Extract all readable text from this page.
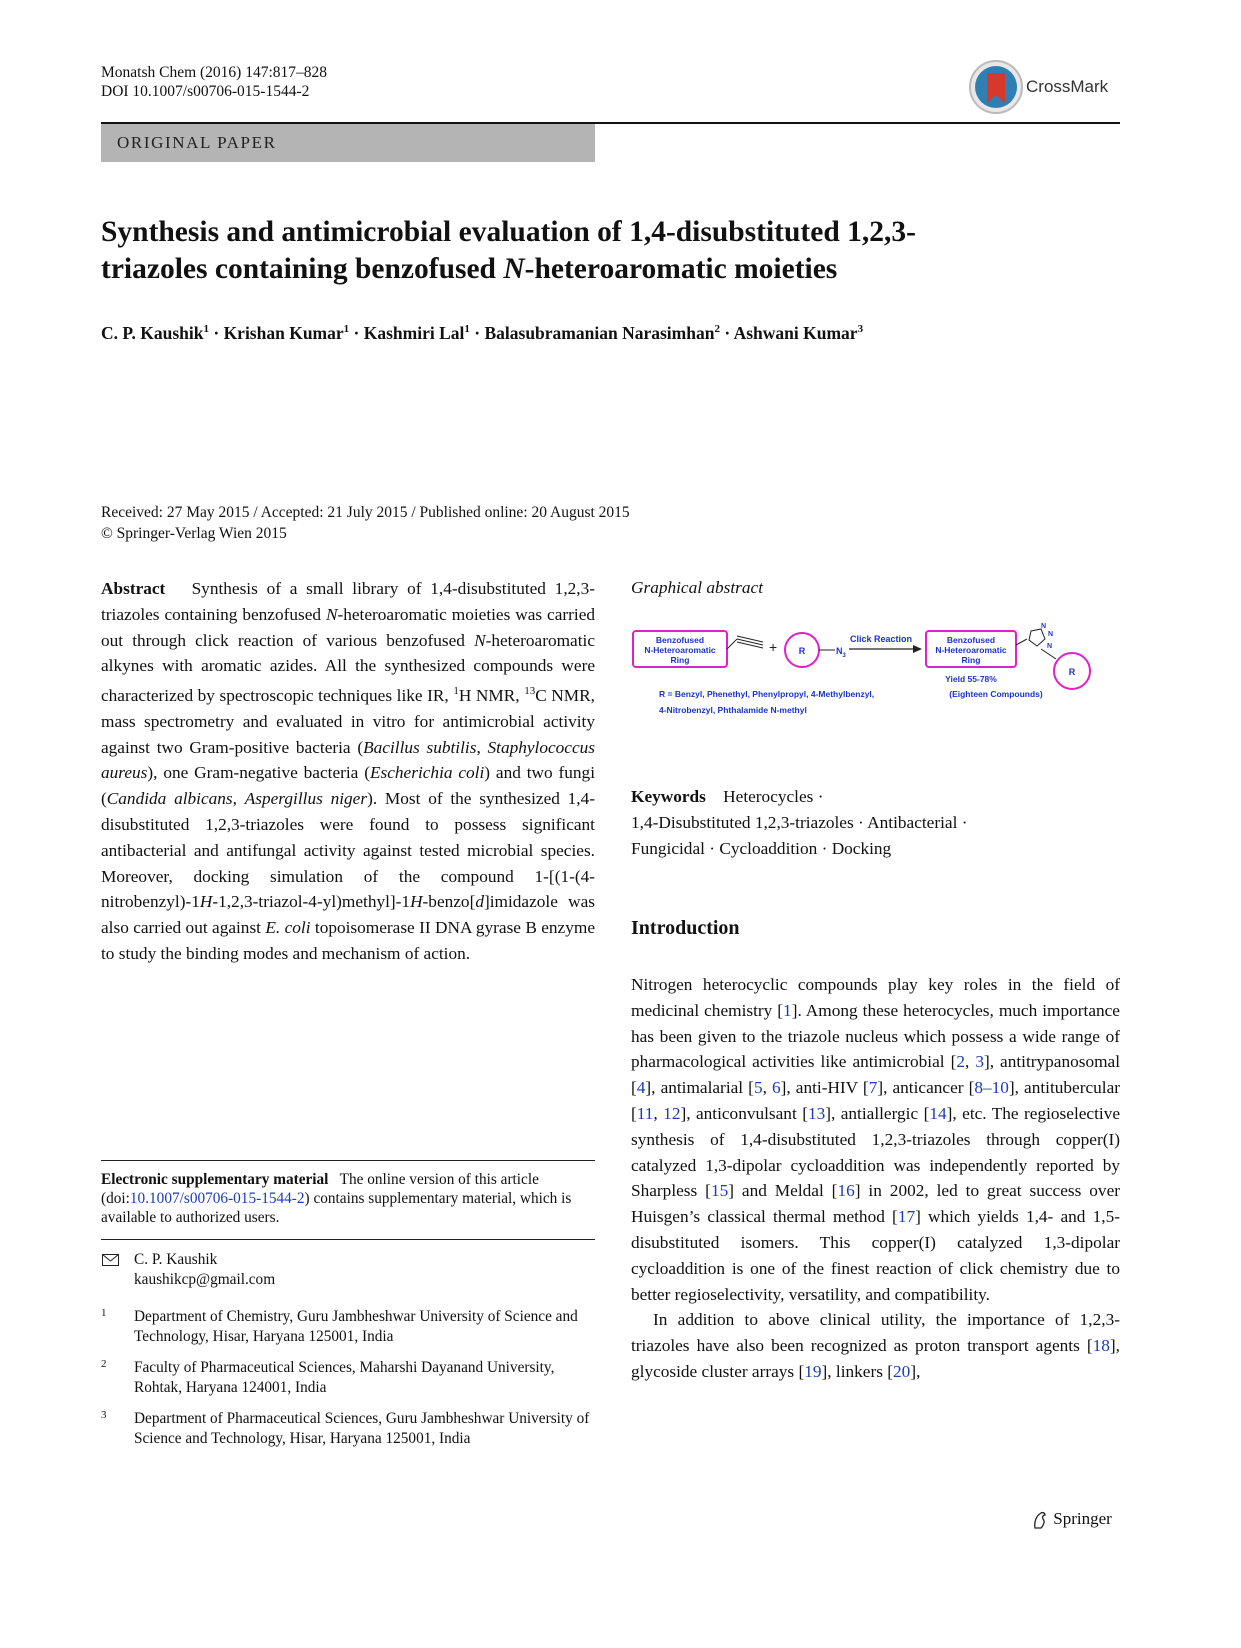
Monatsh Chem (2016) 147:817–828
DOI 10.1007/s00706-015-1544-2	CrossMark
ORIGINAL PAPER
Synthesis and antimicrobial evaluation of 1,4-disubstituted 1,2,3-
triazoles containing benzofused N-heteroaromatic moieties
C. P. Kaushik$^1$ · Krishan Kumar$^1$ · Kashmiri Lal$^1$ · Balasubramanian Narasimhan$^2$ · Ashwani Kumar$^3$
Received: 27 May 2015 / Accepted: 21 July 2015 / Published online: 20 August 2015
© Springer-Verlag Wien 2015
Abstract Synthesis of a small library of 1,4-disubstituted 1,2,3-triazoles containing benzofused N-heteroaromatic moieties was carried out through click reaction of various benzofused N-heteroaromatic alkynes with aromatic azides. All the synthesized compounds were characterized by spectroscopic techniques like IR, $^1$H NMR, $^{13}$C NMR, mass spectrometry and evaluated in vitro for antimicrobial activity against two Gram-positive bacteria (Bacillus subtilis, Staphylococcus aureus), one Gram-negative bacteria (Escherichia coli) and two fungi (Candida albicans, Aspergillus niger). Most of the synthesized 1,4-disubstituted 1,2,3-triazoles were found to possess significant antibacterial and antifungal activity against tested microbial species. Moreover, docking simulation of the compound 1-[(1-(4-nitrobenzyl)-1H-1,2,3-triazol-4-yl)methyl]-1H-benzo[d]imidazole was also carried out against E. coli topoisomerase II DNA gyrase B enzyme to study the binding modes and mechanism of action.
Graphical abstract
Benzofused
N-Heteroaromatic
Ring
+ R	$N_3$
Click Reaction	Benzofused
N-Heteroaromatic
Ring
N
N
N
R
Yield 55-78%
(Eighteen Compounds)
R = Benzyl, Phenethyl, Phenylpropyl, 4-Methylbenzyl,
4-Nitrobenzyl, Phthalamide N-methyl
Keywords Heterocycles ·
1,4-Disubstituted 1,2,3-triazoles · Antibacterial ·
Fungicidal · Cycloaddition · Docking
Introduction
Nitrogen heterocyclic compounds play key roles in the field of medicinal chemistry [1]. Among these heterocycles, much importance has been given to the triazole nucleus which possess a wide range of pharmacological activities like antimicrobial [2, 3], antitrypanosomal [4], antimalarial [5, 6], anti-HIV [7], anticancer [8–10], antitubercular [11, 12], anticonvulsant [13], antiallergic [14], etc. The regioselective synthesis of 1,4-disubstituted 1,2,3-triazoles through copper(I) catalyzed 1,3-dipolar cycloaddition was independently reported by Sharpless [15] and Meldal [16] in 2002, led to great success over Huisgen’s classical thermal method [17] which yields 1,4- and 1,5-disubstituted isomers. This copper(I) catalyzed 1,3-dipolar cycloaddition is one of the finest reaction of click chemistry due to better regioselectivity, versatility, and compatibility.
In addition to above clinical utility, the importance of 1,2,3-triazoles have also been recognized as proton transport agents [18], glycoside cluster arrays [19], linkers [20],
Electronic supplementary material The online version of this article (doi:10.1007/s00706-015-1544-2) contains supplementary material, which is available to authorized users.
C. P. Kaushik
kaushikcp@gmail.com
1 Department of Chemistry, Guru Jambheshwar University of Science and Technology, Hisar, Haryana 125001, India
2 Faculty of Pharmaceutical Sciences, Maharshi Dayanand University, Rohtak, Haryana 124001, India
3 Department of Pharmaceutical Sciences, Guru Jambheshwar University of Science and Technology, Hisar, Haryana 125001, India
Springer
